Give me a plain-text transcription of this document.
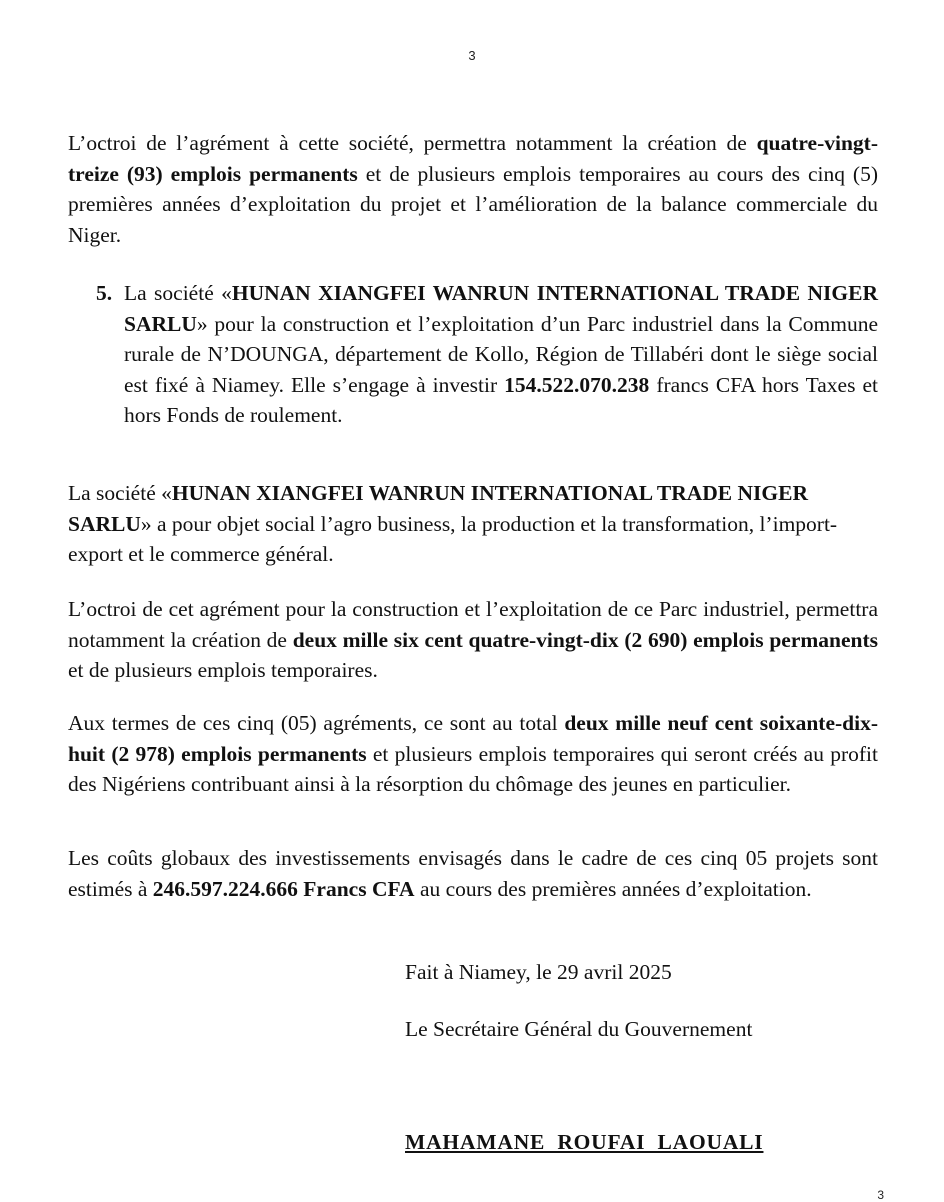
3

L’octroi de l’agrément à cette société, permettra notamment la création de quatre-vingt-treize (93) emplois permanents et de plusieurs emplois temporaires au cours des cinq (5) premières années d’exploitation du projet et l’amélioration de la balance commerciale du Niger.

5. La société «HUNAN XIANGFEI WANRUN INTERNATIONAL TRADE NIGER SARLU» pour la construction et l’exploitation d’un Parc industriel dans la Commune rurale de N’DOUNGA, département de Kollo, Région de Tillabéri dont le siège social est fixé à Niamey. Elle s’engage à investir 154.522.070.238 francs CFA hors Taxes et hors Fonds de roulement.

La société «HUNAN XIANGFEI WANRUN INTERNATIONAL TRADE NIGER SARLU» a pour objet social l’agro business, la production et la transformation, l’import-export et le commerce général.

L’octroi de cet agrément pour la construction et l’exploitation de ce Parc industriel, permettra notamment la création de deux mille six cent quatre-vingt-dix (2 690) emplois permanents et de plusieurs emplois temporaires.

Aux termes de ces cinq (05) agréments, ce sont au total deux mille neuf cent soixante-dix-huit (2 978) emplois permanents et plusieurs emplois temporaires qui seront créés au profit des Nigériens contribuant ainsi à la résorption du chômage des jeunes en particulier.

Les coûts globaux des investissements envisagés dans le cadre de ces cinq 05 projets sont estimés à 246.597.224.666 Francs CFA au cours des premières années d’exploitation.

Fait à Niamey, le 29 avril 2025
Le Secrétaire Général du Gouvernement
MAHAMANE ROUFAI LAOUALI
3
